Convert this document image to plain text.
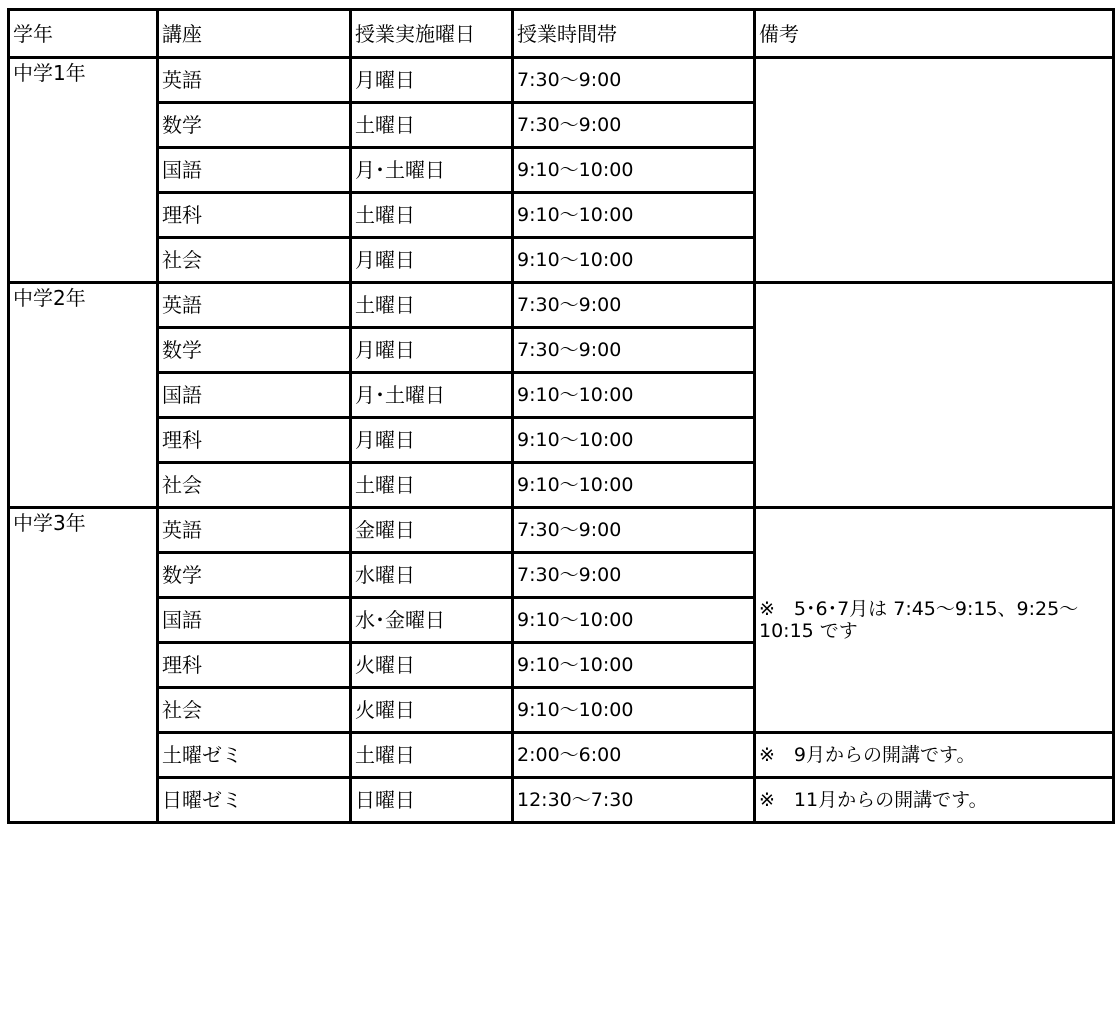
学年	講座	授業実施曜日	授業時間帯	備考
中学1年	英語	月曜日	7:30〜9:00	
	数学	土曜日	7:30〜9:00	
	国語	月･土曜日	9:10〜10:00	
	理科	土曜日	9:10〜10:00	
	社会	月曜日	9:10〜10:00	
中学2年	英語	土曜日	7:30〜9:00	
	数学	月曜日	7:30〜9:00	
	国語	月･土曜日	9:10〜10:00	
	理科	月曜日	9:10〜10:00	
	社会	土曜日	9:10〜10:00	
中学3年	英語	金曜日	7:30〜9:00	※　5･6･7月は 7:45〜9:15、9:25〜10:15 です
	数学	水曜日	7:30〜9:00	
	国語	水･金曜日	9:10〜10:00	
	理科	火曜日	9:10〜10:00	
	社会	火曜日	9:10〜10:00	
	土曜ゼミ	土曜日	2:00〜6:00	※　9月からの開講です。
	日曜ゼミ	日曜日	12:30〜7:30	※　11月からの開講です。
